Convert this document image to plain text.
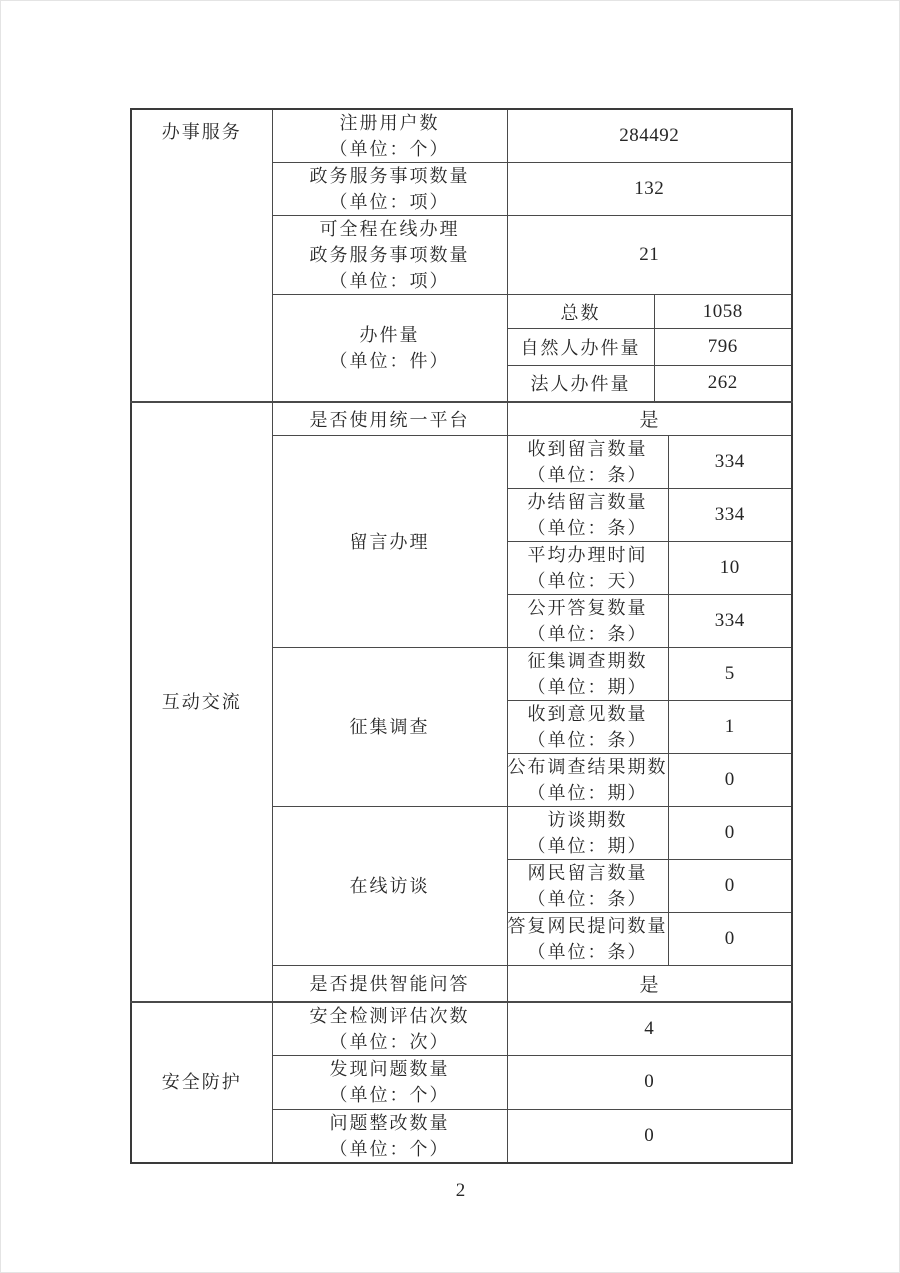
办事服务	注册用户数
（单位：个）	284492		

	政务服务事项数量
（单位：项）	132		

	可全程在线办理
政务服务事项数量
（单位：项）	21		

	办件量
（单位：件）	总数	1058	
		自然人办件量	796	
		法人办件量	262	

互动交流	是否使用统一平台	是		

	留言办理	收到留言数量
（单位：条）		334

		办结留言数量
（单位：条）		334

		平均办理时间
（单位：天）		10

		公开答复数量
（单位：条）		334

	征集调查	征集调查期数
（单位：期）		5

		收到意见数量
（单位：条）		1

		公布调查结果期数
（单位：期）		0

	在线访谈	访谈期数
（单位：期）		0

		网民留言数量
（单位：条）		0

		答复网民提问数量
（单位：条）		0
	是否提供智能问答	是		

安全防护	安全检测评估次数
（单位：次）	4		

	发现问题数量
（单位：个）	0		

	问题整改数量
（单位：个）	0		
2
